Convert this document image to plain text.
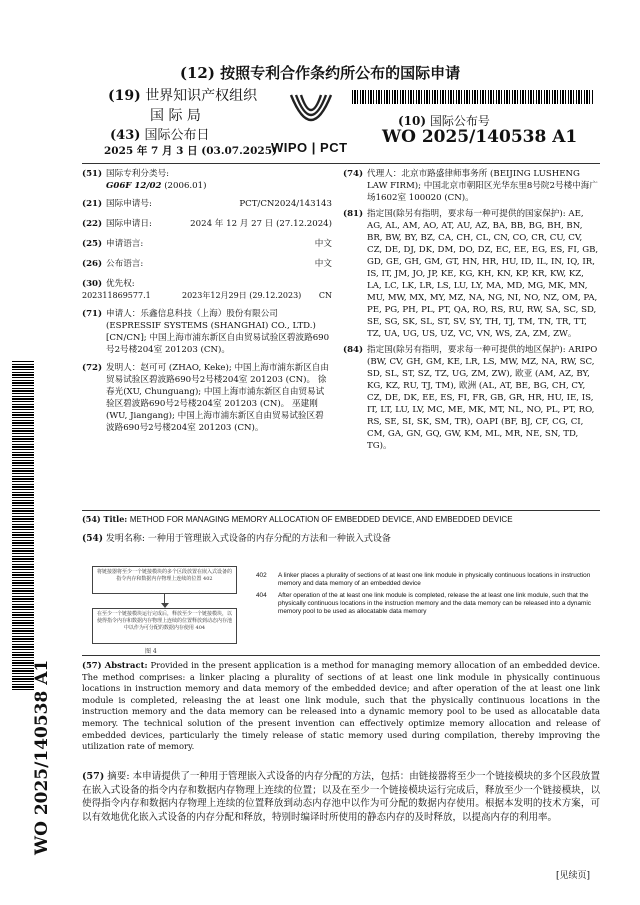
(12) 按照专利合作条约所公布的国际申请
(19) 世界知识产权组织
国 际 局
(43) 国际公布日
2025 年 7 月 3 日 (03.07.2025)
WIPO | PCT
(10) 国际公布号
WO 2025/140538 A1
(51) 国际专利分类号:
G06F 12/02 (2006.01)
(21) 国际申请号:	PCT/CN2024/143143
(22) 国际申请日:	2024 年 12 月 27 日 (27.12.2024)
(25) 申请语言:	中文
(26) 公布语言:	中文
(30) 优先权:
202311869577.1	2023年12月29日 (29.12.2023)	CN
(71) 申请人：乐鑫信息科技（上海）股份有限公司 (ESPRESSIF SYSTEMS (SHANGHAI) CO., LTD.) [CN/CN]; 中国上海市浦东新区自由贸易试验区碧波路690号2号楼204室 201203 (CN)。
(72) 发明人：赵可可 (ZHAO, Keke); 中国上海市浦东新区自由贸易试验区碧波路690号2号楼204室 201203 (CN)。 徐春光(XU, Chunguang); 中国上海市浦东新区自由贸易试验区碧波路690号2号楼204室 201203 (CN)。 巫建刚(WU, Jiangang); 中国上海市浦东新区自由贸易试验区碧波路690号2号楼204室 201203 (CN)。
(74) 代理人：北京市路盛律师事务所 (BEIJING LUSHENG LAW FIRM); 中国北京市朝阳区光华东里8号院2号楼中海广场1602室 100020 (CN)。
(81) 指定国(除另有指明，要求每一种可提供的国家保护): AE, AG, AL, AM, AO, AT, AU, AZ, BA, BB, BG, BH, BN, BR, BW, BY, BZ, CA, CH, CL, CN, CO, CR, CU, CV, CZ, DE, DJ, DK, DM, DO, DZ, EC, EE, EG, ES, FI, GB, GD, GE, GH, GM, GT, HN, HR, HU, ID, IL, IN, IQ, IR, IS, IT, JM, JO, JP, KE, KG, KH, KN, KP, KR, KW, KZ, LA, LC, LK, LR, LS, LU, LY, MA, MD, MG, MK, MN, MU, MW, MX, MY, MZ, NA, NG, NI, NO, NZ, OM, PA, PE, PG, PH, PL, PT, QA, RO, RS, RU, RW, SA, SC, SD, SE, SG, SK, SL, ST, SV, SY, TH, TJ, TM, TN, TR, TT, TZ, UA, UG, US, UZ, VC, VN, WS, ZA, ZM, ZW。
(84) 指定国(除另有指明，要求每一种可提供的地区保护): ARIPO (BW, CV, GH, GM, KE, LR, LS, MW, MZ, NA, RW, SC, SD, SL, ST, SZ, TZ, UG, ZM, ZW), 欧亚 (AM, AZ, BY, KG, KZ, RU, TJ, TM), 欧洲 (AL, AT, BE, BG, CH, CY, CZ, DE, DK, EE, ES, FI, FR, GB, GR, HR, HU, IE, IS, IT, LT, LU, LV, MC, ME, MK, MT, NL, NO, PL, PT, RO, RS, SE, SI, SK, SM, TR), OAPI (BF, BJ, CF, CG, CI, CM, GA, GN, GQ, GW, KM, ML, MR, NE, SN, TD, TG)。
(54) Title: METHOD FOR MANAGING MEMORY ALLOCATION OF EMBEDDED DEVICE, AND EMBEDDED DEVICE
(54) 发明名称: 一种用于管理嵌入式设备的内存分配的方法和一种嵌入式设备
将链接器将至少一个链接模块的多个区段放置在嵌入式设备的指令内存和数据内存物理上连续的位置 402
在至少一个链接模块运行完成后，释放至少一个链接模块，以使得指令内存和数据内存物理上连续的位置释放到动态内存池中以作为可分配的数据内存使用 404
图 4
402	A linker places a plurality of sections of at least one link module in physically continuous locations in instruction memory and data memory of an embedded device
404	After operation of the at least one link module is completed, release the at least one link module, such that the physically continuous locations in the instruction memory and the data memory can be released into a dynamic memory pool to be used as allocatable data memory
(57) Abstract: Provided in the present application is a method for managing memory allocation of an embedded device. The method comprises: a linker placing a plurality of sections of at least one link module in physically continuous locations in instruction memory and data memory of the embedded device; and after operation of the at least one link module is completed, releasing the at least one link module, such that the physically continuous locations in the instruction memory and the data memory can be released into a dynamic memory pool to be used as allocatable data memory. The technical solution of the present invention can effectively optimize memory allocation and release of embedded devices, particularly the timely release of static memory used during compilation, thereby improving the utilization rate of memory.
(57) 摘要: 本申请提供了一种用于管理嵌入式设备的内存分配的方法，包括：由链接器将至少一个链接模块的多个区段放置在嵌入式设备的指令内存和数据内存物理上连续的位置；以及在至少一个链接模块运行完成后，释放至少一个链接模块，以使得指令内存和数据内存物理上连续的位置释放到动态内存池中以作为可分配的数据内存使用。根据本发明的技术方案，可以有效地优化嵌入式设备的内存分配和释放，特别时编译时所使用的静态内存的及时释放，以提高内存的利用率。
WO 2025/140538 A1
[见续页]
